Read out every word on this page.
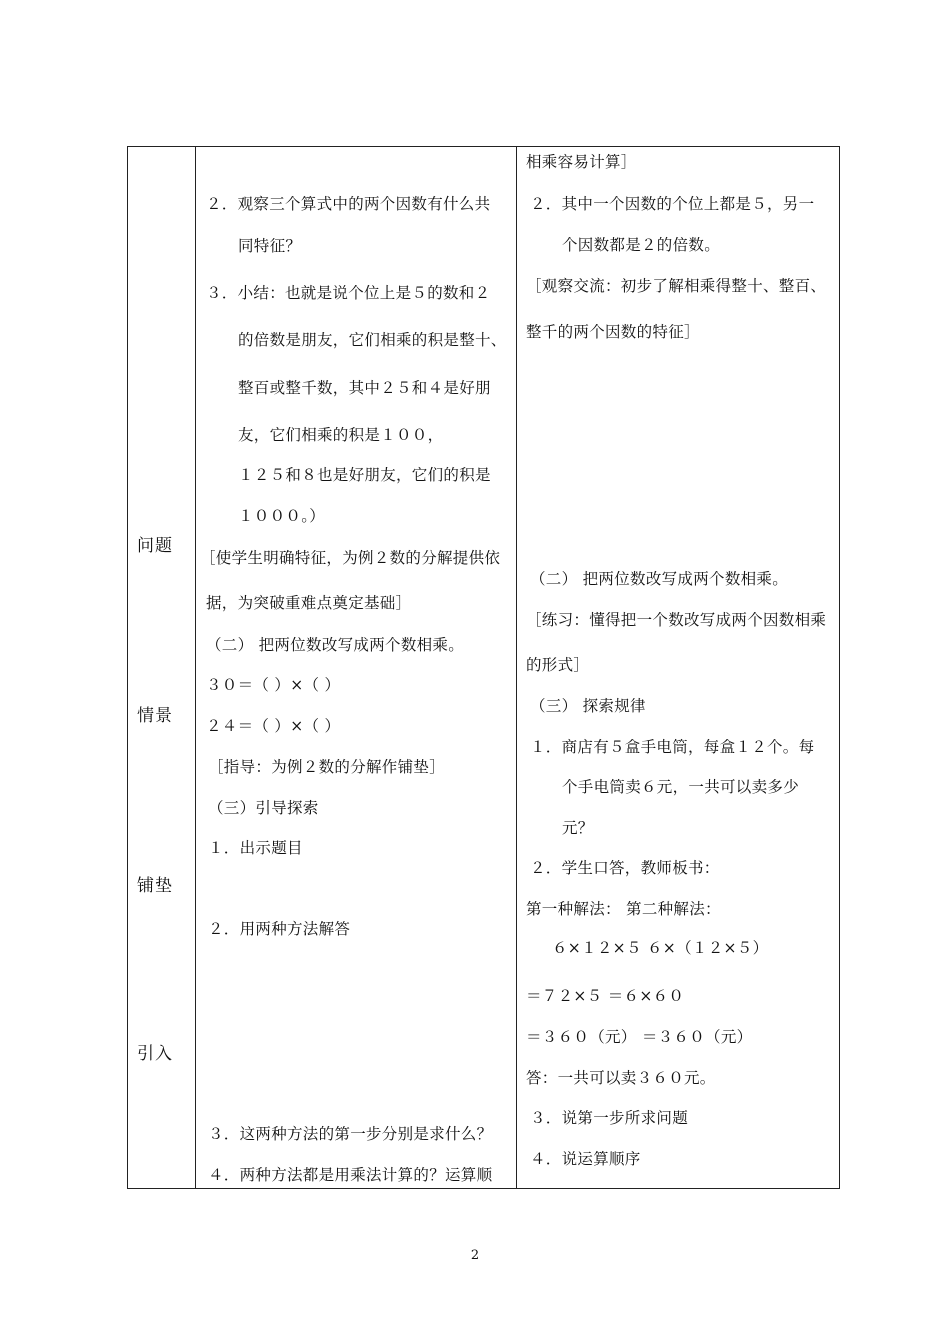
问题
情景
铺垫
引入
２．观察三个算式中的两个因数有什么共
同特征？
３．小结：也就是说个位上是５的数和２
的倍数是朋友，它们相乘的积是整十、
整百或整千数，其中２５和４是好朋
友，它们相乘的积是１００，
１２５和８也是好朋友，它们的积是
１０００。）
［使学生明确特征，为例２数的分解提供依
据，为突破重难点奠定基础］
（二） 把两位数改写成两个数相乘。
３０＝（ ）×（ ）
２４＝（ ）×（ ）
［指导：为例２数的分解作铺垫］
（三）引导探索
１．出示题目
２．用两种方法解答
３．这两种方法的第一步分别是求什么？
４．两种方法都是用乘法计算的？运算顺
相乘容易计算］
２．其中一个因数的个位上都是５，另一
个因数都是２的倍数。
［观察交流：初步了解相乘得整十、整百、
整千的两个因数的特征］
（二） 把两位数改写成两个数相乘。
［练习：懂得把一个数改写成两个因数相乘
的形式］
（三） 探索规律
１．商店有５盒手电筒，每盒１２个。每
个手电筒卖６元，一共可以卖多少
元？
２．学生口答，教师板书：
第一种解法： 第二种解法：
６×１２×５ ６×（１２×５）
＝７２×５ ＝６×６０
＝３６０（元） ＝３６０（元）
答：一共可以卖３６０元。
３．说第一步所求问题
４．说运算顺序
2
